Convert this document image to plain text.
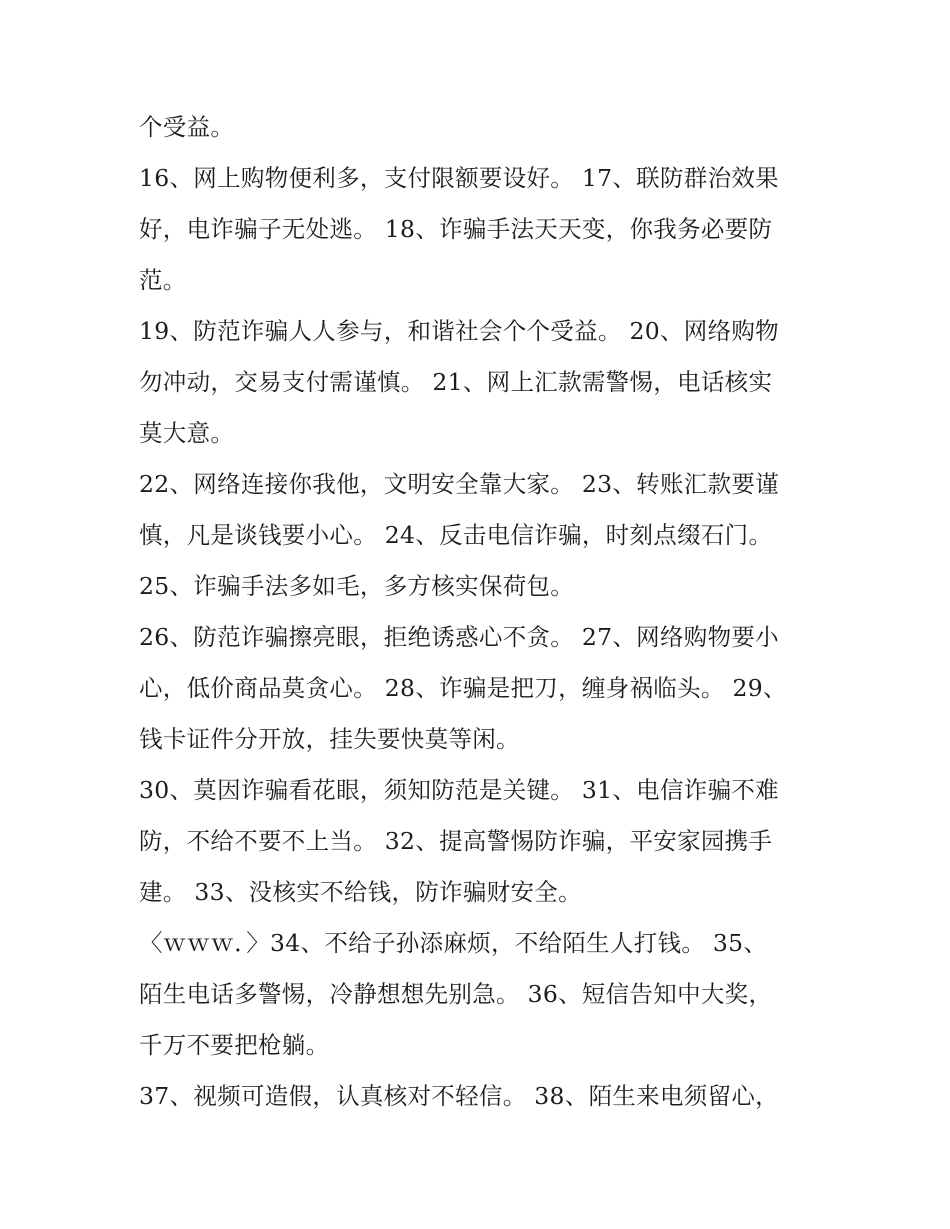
个受益。
16、网上购物便利多，支付限额要设好。 17、联防群治效果
好，电诈骗子无处逃。 18、诈骗手法天天变，你我务必要防
范。
19、防范诈骗人人参与，和谐社会个个受益。 20、网络购物
勿冲动，交易支付需谨慎。 21、网上汇款需警惕，电话核实
莫大意。
22、网络连接你我他，文明安全靠大家。 23、转账汇款要谨
慎，凡是谈钱要小心。 24、反击电信诈骗，时刻点缀石门。
25、诈骗手法多如毛，多方核实保荷包。
26、防范诈骗擦亮眼，拒绝诱惑心不贪。 27、网络购物要小
心，低价商品莫贪心。 28、诈骗是把刀，缠身祸临头。 29、
钱卡证件分开放，挂失要快莫等闲。
30、莫因诈骗看花眼，须知防范是关键。 31、电信诈骗不难
防，不给不要不上当。 32、提高警惕防诈骗，平安家园携手
建。 33、没核实不给钱，防诈骗财安全。
〈ｗｗｗ．〉34、不给子孙添麻烦，不给陌生人打钱。 35、
陌生电话多警惕，冷静想想先别急。 36、短信告知中大奖，
千万不要把枪躺。
37、视频可造假，认真核对不轻信。 38、陌生来电须留心，
